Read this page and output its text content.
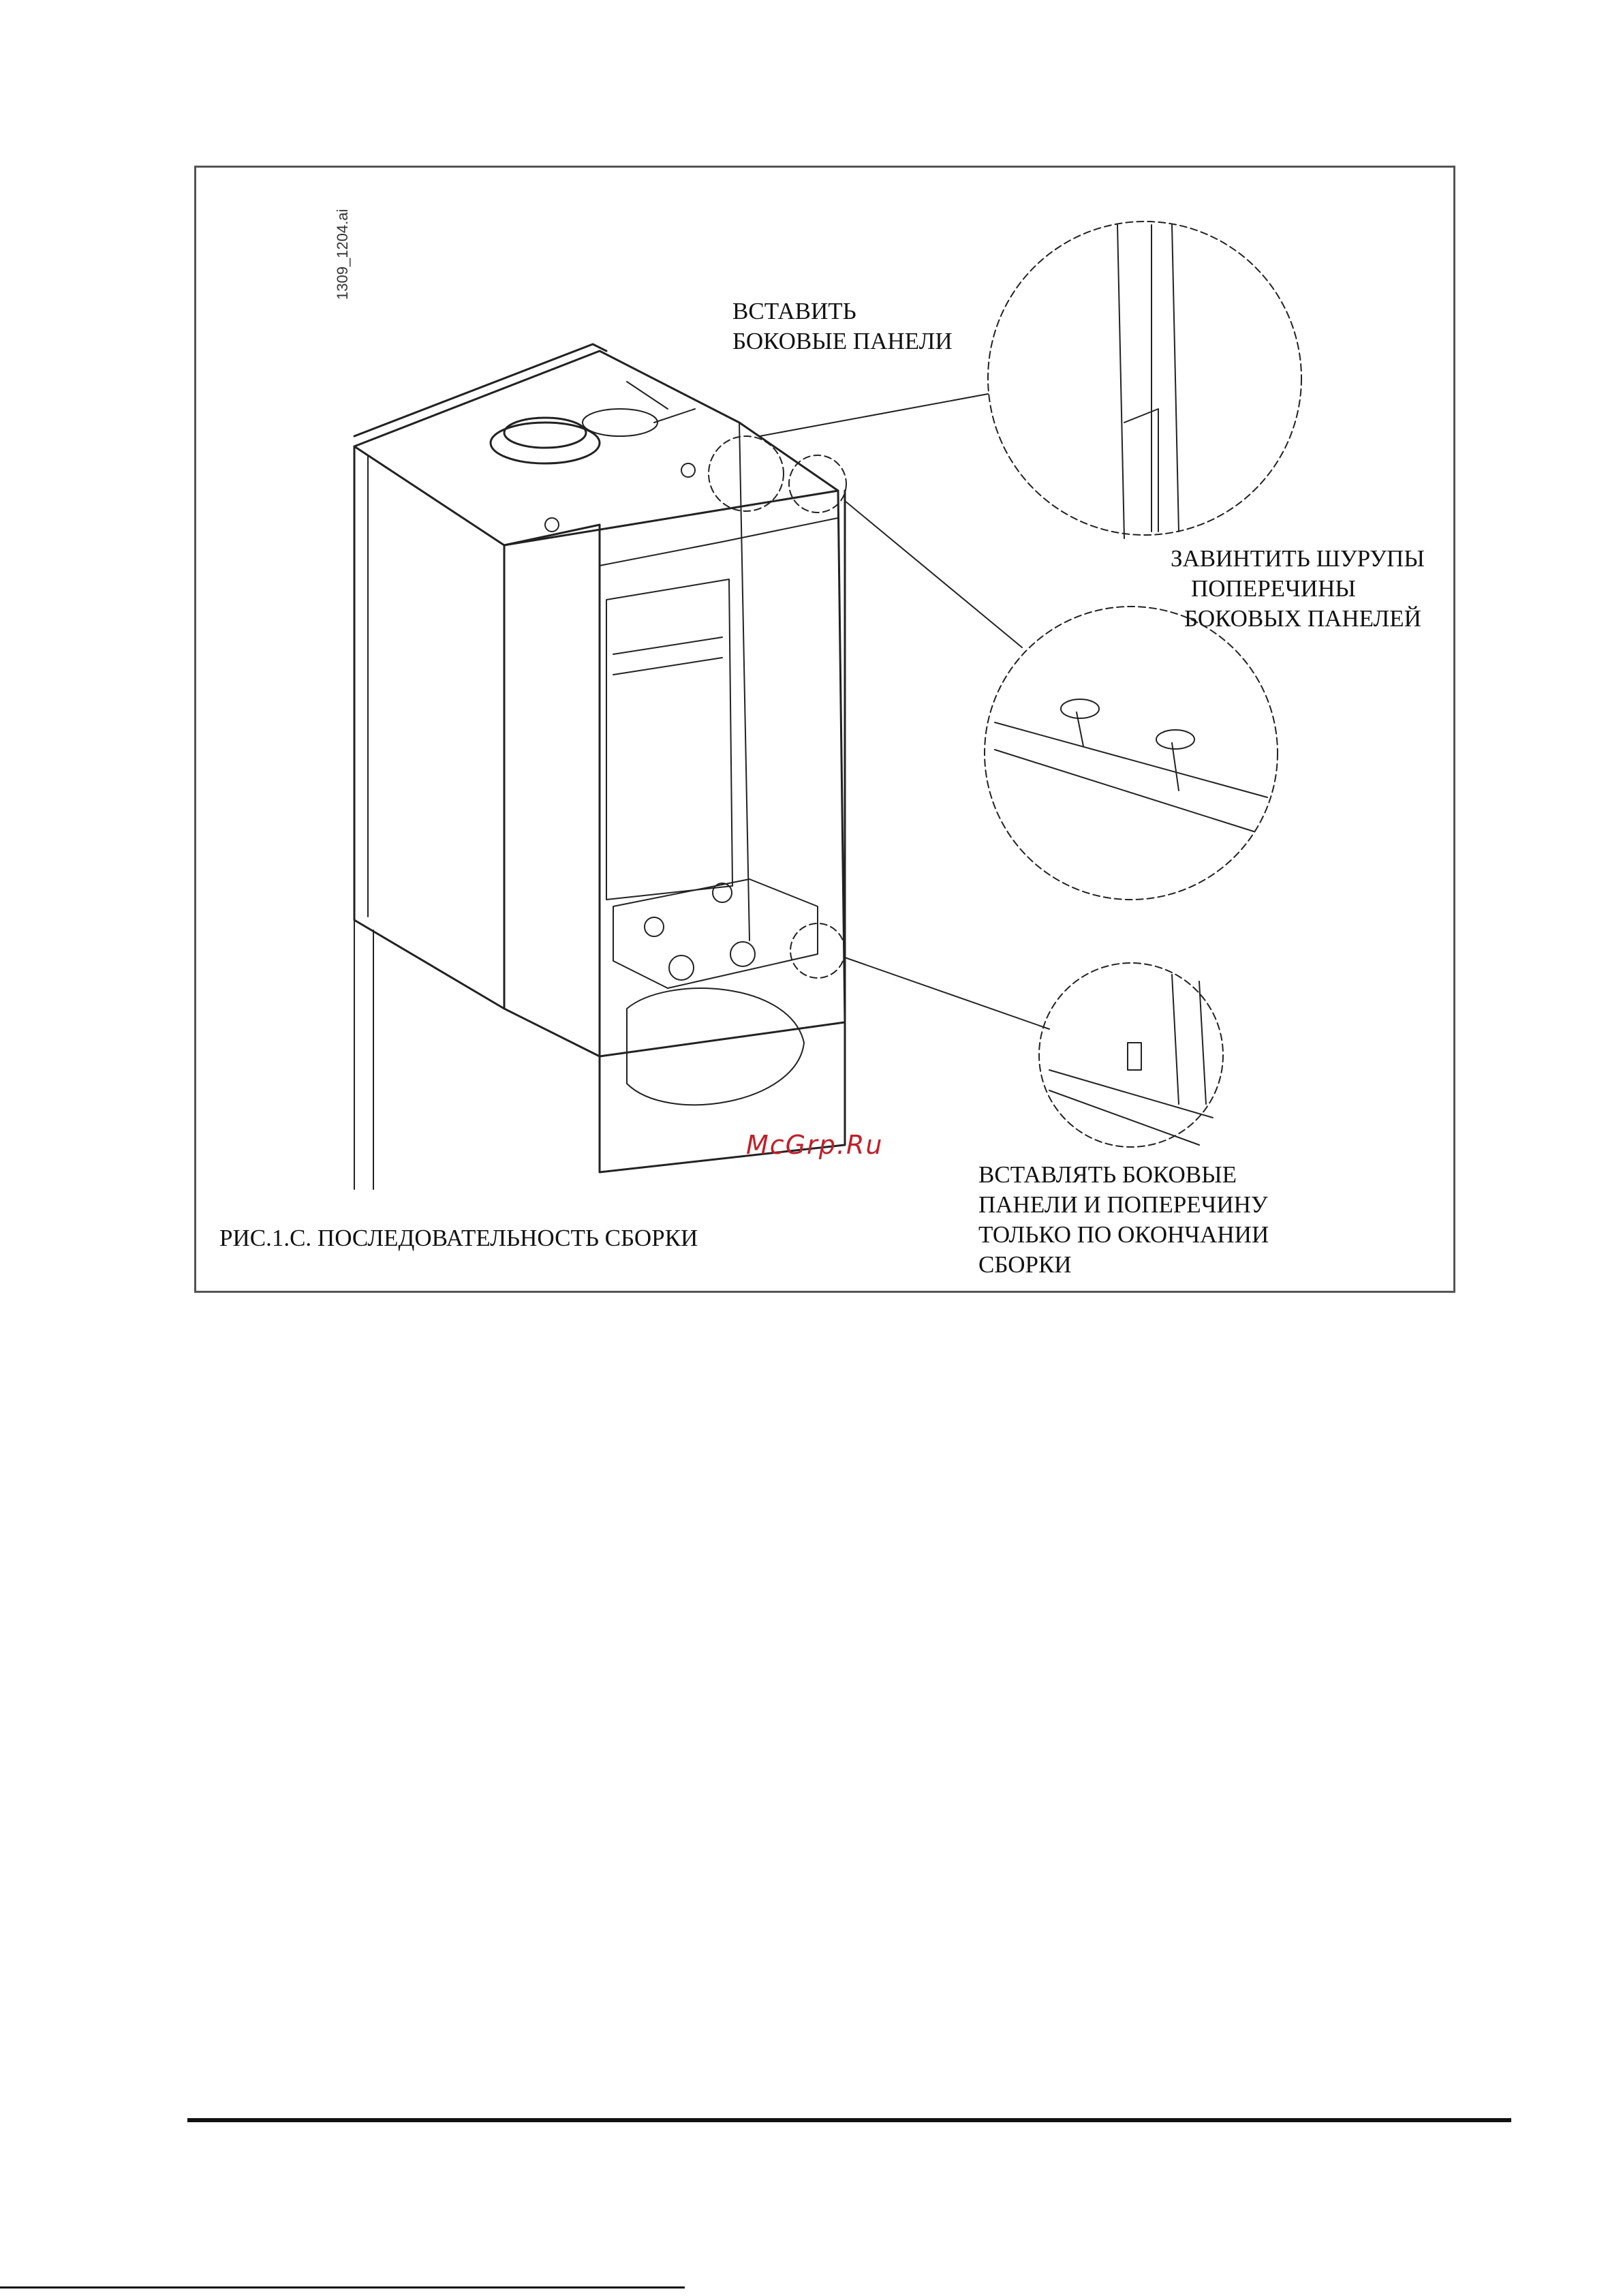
1309_1204.ai
ВСТАВИТЬ
БОКОВЫЕ ПАНЕЛИ
ЗАВИНТИТЬ ШУРУПЫ
ПОПЕРЕЧИНЫ
БОКОВЫХ ПАНЕЛЕЙ
ВСТАВЛЯТЬ БОКОВЫЕ
ПАНЕЛИ И ПОПЕРЕЧИНУ
ТОЛЬКО ПО ОКОНЧАНИИ
СБОРКИ
РИС.1.С. ПОСЛЕДОВАТЕЛЬНОСТЬ СБОРКИ
McGrp.Ru
